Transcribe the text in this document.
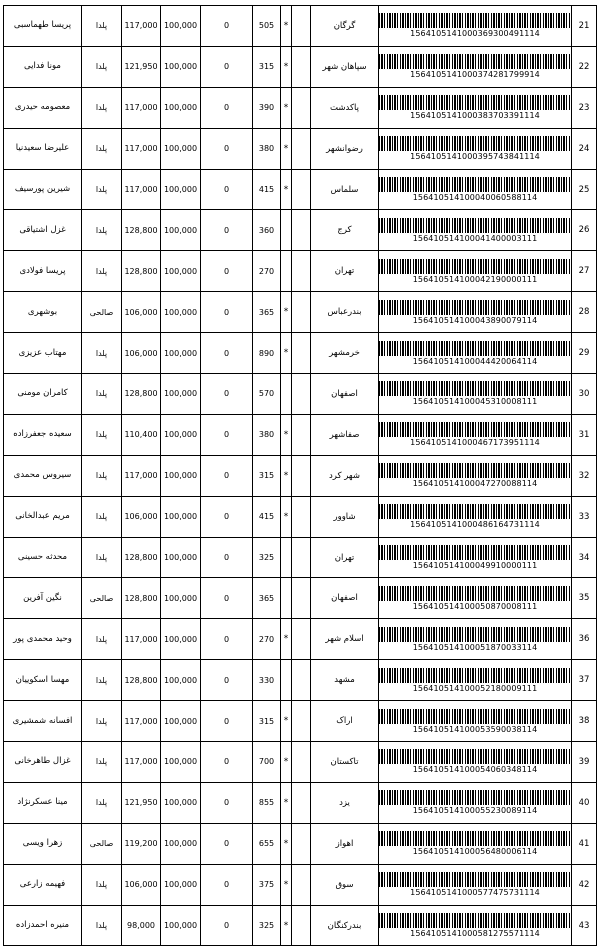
پریسا طهماسبی	پلدا	117,000	100,000	0	505	*		گرگان	1564105141000369300491114	21
مونا فدایی	پلدا	121,950	100,000	0	315	*		سپاهان شهر	1564105141000374281799914	22
معصومه حیدری	پلدا	117,000	100,000	0	390	*		پاکدشت	1564105141000383703391114	23
علیرضا سعیدنیا	پلدا	117,000	100,000	0	380	*		رضوانشهر	1564105141000395743841114	24
شیرین پورسیف	پلدا	117,000	100,000	0	415	*		سلماس	156410514100040060588114	25
غزل اشتیاقی	پلدا	128,800	100,000	0	360			کرج	156410514100041400003111	26
پریسا فولادی	پلدا	128,800	100,000	0	270			تهران	156410514100042190000111	27
بوشهری	صالحی	106,000	100,000	0	365	*		بندرعباس	156410514100043890079114	28
مهتاب عزیزی	پلدا	106,000	100,000	0	890	*		خرمشهر	156410514100044420064114	29
کامران مومنی	پلدا	128,800	100,000	0	570			اصفهان	156410514100045310008111	30
سعیده جعفرزاده	پلدا	110,400	100,000	0	380	*		صفاشهر	1564105141000467173951114	31
سیروس محمدی	پلدا	117,000	100,000	0	315	*		شهر کرد	156410514100047270088114	32
مریم عبدالخانی	پلدا	106,000	100,000	0	415	*		شاوور	1564105141000486164731114	33
محدثه حسینی	پلدا	128,800	100,000	0	325			تهران	156410514100049910000111	34
نگین آفرین	صالحی	128,800	100,000	0	365			اصفهان	156410514100050870008111	35
وحید محمدی پور	پلدا	117,000	100,000	0	270	*		اسلام شهر	156410514100051870033114	36
مهسا اسکوییان	پلدا	128,800	100,000	0	330			مشهد	156410514100052180009111	37
افسانه شمشیری	پلدا	117,000	100,000	0	315	*		اراک	156410514100053590038114	38
غزال طاهرخانی	پلدا	117,000	100,000	0	700	*		تاکستان	156410514100054060348114	39
مینا عسکرنژاد	پلدا	121,950	100,000	0	855	*		یزد	156410514100055230089114	40
زهرا ویسی	صالحی	119,200	100,000	0	655	*		اهواز	156410514100056480006114	41
فهیمه زارعی	پلدا	106,000	100,000	0	375	*		سوق	1564105141000577475731114	42
منیره احمدزاده	پلدا	98,000	100,000	0	325	*		بندرکنگان	1564105141000581275571114	43
